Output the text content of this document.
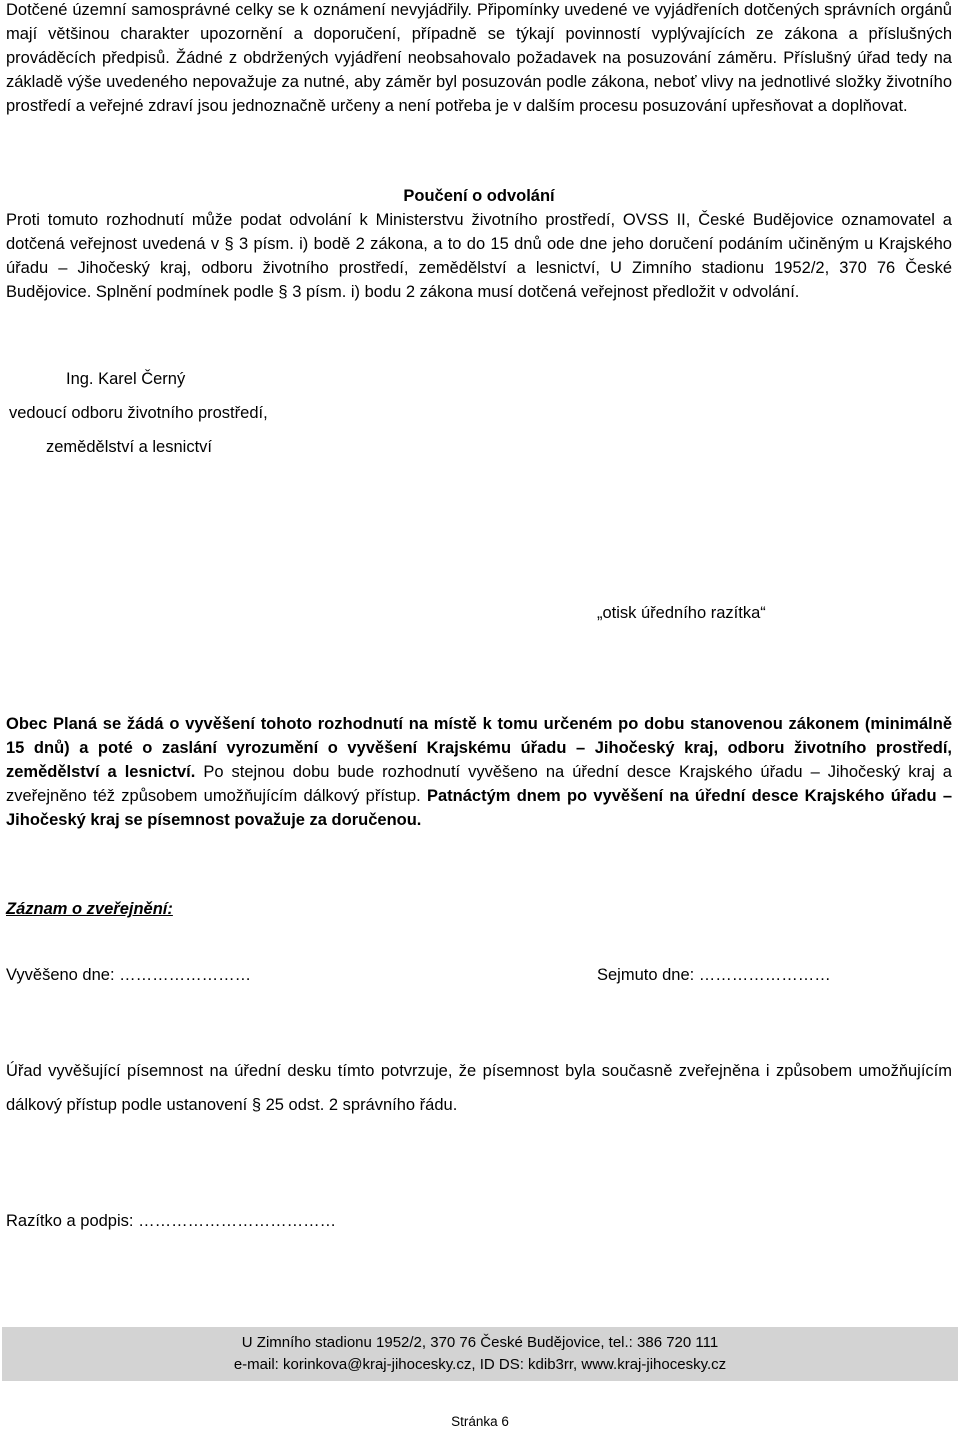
Dotčené územní samosprávné celky se k oznámení nevyjádřily. Připomínky uvedené ve vyjádřeních dotčených správních orgánů mají většinou charakter upozornění a doporučení, případně se týkají povinností vyplývajících ze zákona a příslušných prováděcích předpisů. Žádné z obdržených vyjádření neobsahovalo požadavek na posuzování záměru. Příslušný úřad tedy na základě výše uvedeného nepovažuje za nutné, aby záměr byl posuzován podle zákona, neboť vlivy na jednotlivé složky životního prostředí a veřejné zdraví jsou jednoznačně určeny a není potřeba je v dalším procesu posuzování upřesňovat a doplňovat.

Poučení o odvolání
Proti tomuto rozhodnutí může podat odvolání k Ministerstvu životního prostředí, OVSS II, České Budějovice oznamovatel a dotčená veřejnost uvedená v § 3 písm. i) bodě 2 zákona, a to do 15 dnů ode dne jeho doručení podáním učiněným u Krajského úřadu – Jihočeský kraj, odboru životního prostředí, zemědělství a lesnictví, U Zimního stadionu 1952/2, 370 76 České Budějovice. Splnění podmínek podle § 3 písm. i) bodu 2 zákona musí dotčená veřejnost předložit v odvolání.

Ing. Karel Černý
vedoucí odboru životního prostředí,
zemědělství a lesnictví
„otisk úředního razítka“

Obec Planá se žádá o vyvěšení tohoto rozhodnutí na místě k tomu určeném po dobu stanovenou zákonem (minimálně 15 dnů) a poté o zaslání vyrozumění o vyvěšení Krajskému úřadu – Jihočeský kraj, odboru životního prostředí, zemědělství a lesnictví. Po stejnou dobu bude rozhodnutí vyvěšeno na úřední desce Krajského úřadu – Jihočeský kraj a zveřejněno též způsobem umožňujícím dálkový přístup. Patnáctým dnem po vyvěšení na úřední desce Krajského úřadu – Jihočeský kraj se písemnost považuje za doručenou.

Záznam o zveřejnění:
Vyvěšeno dne: ……………………	Sejmuto dne: ……………………

Úřad vyvěšující písemnost na úřední desku tímto potvrzuje, že písemnost byla současně zveřejněna i způsobem umožňujícím dálkový přístup podle ustanovení § 25 odst. 2 správního řádu.

Razítko a podpis: ………………………………
U Zimního stadionu 1952/2, 370 76 České Budějovice, tel.: 386 720 111
e-mail: korinkova@kraj-jihocesky.cz, ID DS: kdib3rr, www.kraj-jihocesky.cz
Stránka 6
